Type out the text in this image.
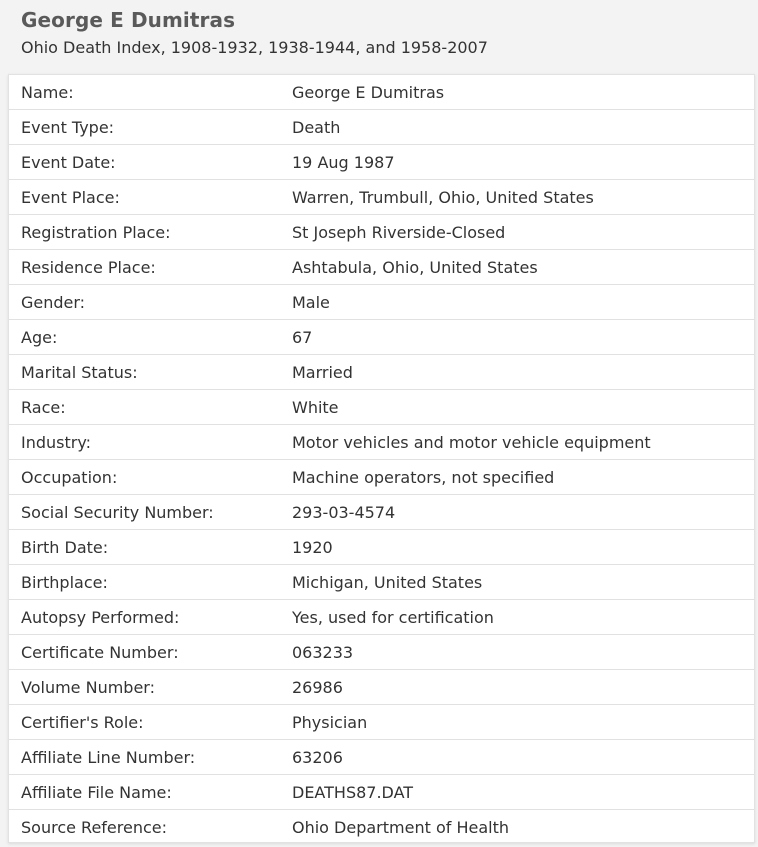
George E Dumitras
Ohio Death Index, 1908-1932, 1938-1944, and 1958-2007
Name:	George E Dumitras
Event Type:	Death
Event Date:	19 Aug 1987
Event Place:	Warren, Trumbull, Ohio, United States
Registration Place:	St Joseph Riverside-Closed
Residence Place:	Ashtabula, Ohio, United States
Gender:	Male
Age:	67
Marital Status:	Married
Race:	White
Industry:	Motor vehicles and motor vehicle equipment
Occupation:	Machine operators, not specified
Social Security Number:	293-03-4574
Birth Date:	1920
Birthplace:	Michigan, United States
Autopsy Performed:	Yes, used for certification
Certificate Number:	063233
Volume Number:	26986
Certifier's Role:	Physician
Affiliate Line Number:	63206
Affiliate File Name:	DEATHS87.DAT
Source Reference:	Ohio Department of Health
